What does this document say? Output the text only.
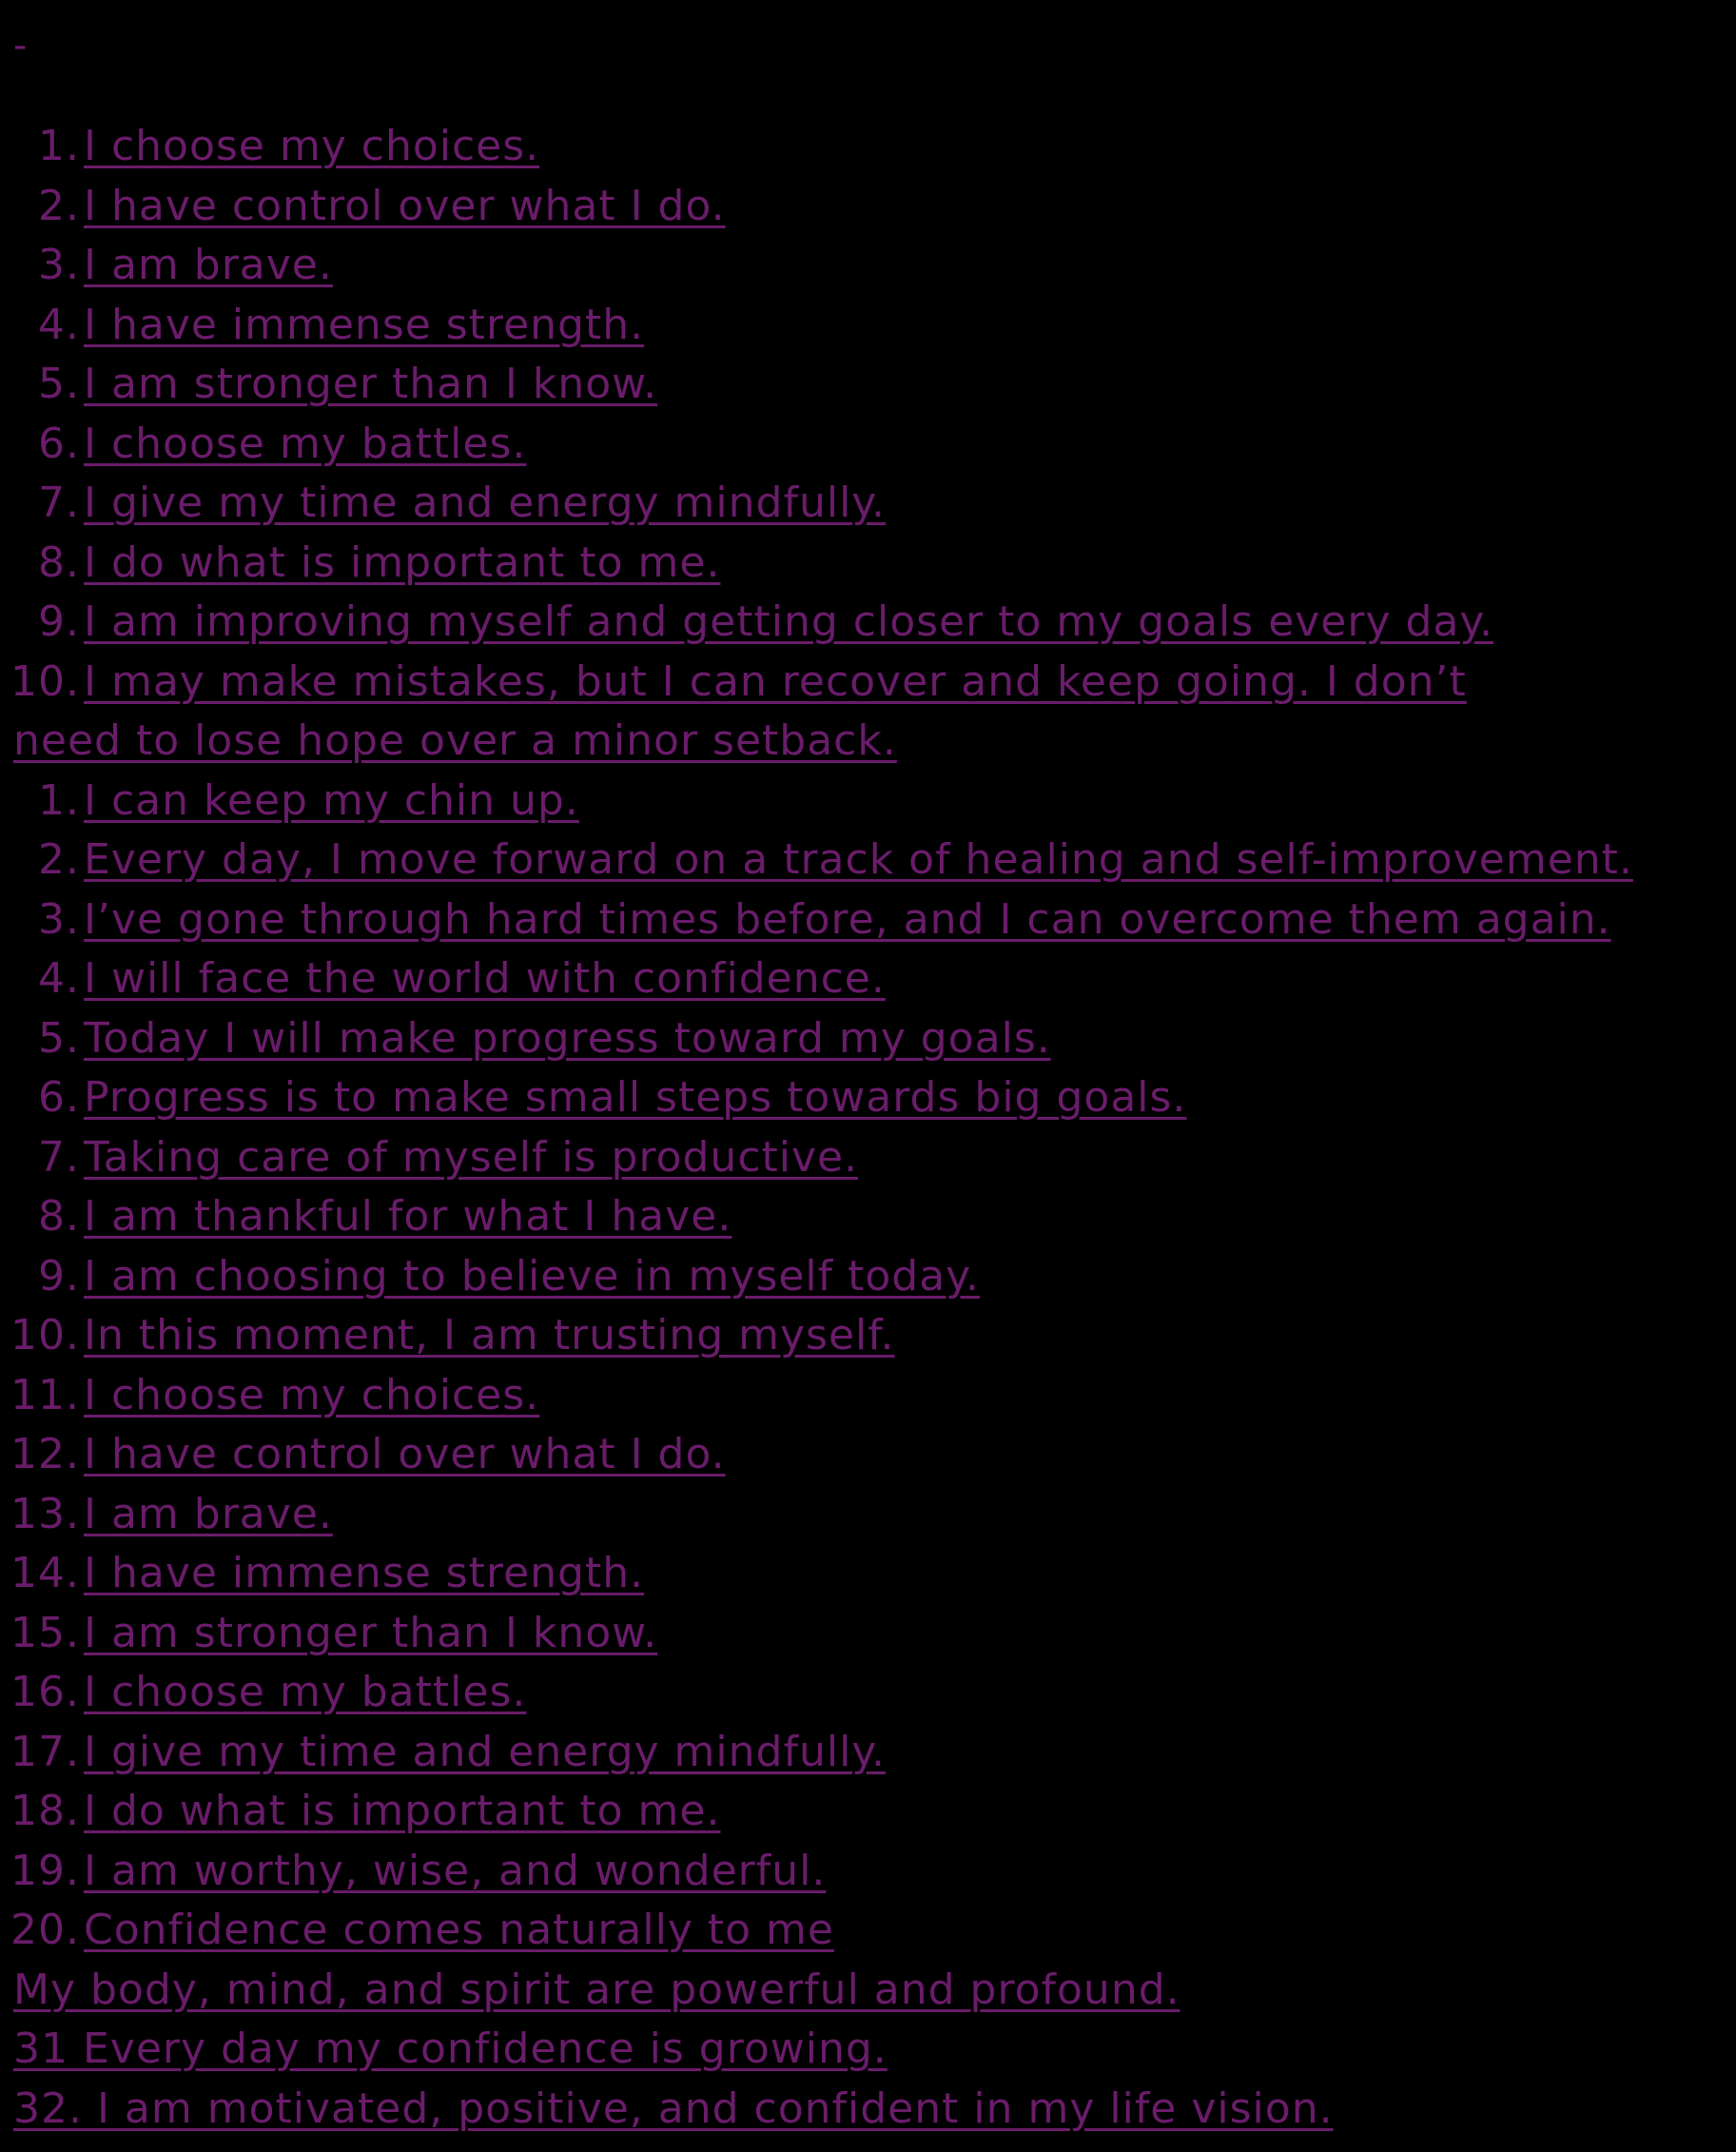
-
1. I choose my choices.
2. I have control over what I do.
3. I am brave.
4. I have immense strength.
5. I am stronger than I know.
6. I choose my battles.
7. I give my time and energy mindfully.
8. I do what is important to me.
9. I am improving myself and getting closer to my goals every day.
10. I may make mistakes, but I can recover and keep going. I don’t
need to lose hope over a minor setback.
1. I can keep my chin up.
2. Every day, I move forward on a track of healing and self-improvement.
3. I’ve gone through hard times before, and I can overcome them again.
4. I will face the world with confidence.
5. Today I will make progress toward my goals.
6. Progress is to make small steps towards big goals.
7. Taking care of myself is productive.
8. I am thankful for what I have.
9. I am choosing to believe in myself today.
10. In this moment, I am trusting myself.
11. I choose my choices.
12. I have control over what I do.
13. I am brave.
14. I have immense strength.
15. I am stronger than I know.
16. I choose my battles.
17. I give my time and energy mindfully.
18. I do what is important to me.
19. I am worthy, wise, and wonderful.
20. Confidence comes naturally to me
My body, mind, and spirit are powerful and profound.
31 Every day my confidence is growing.
32. I am motivated, positive, and confident in my life vision.
